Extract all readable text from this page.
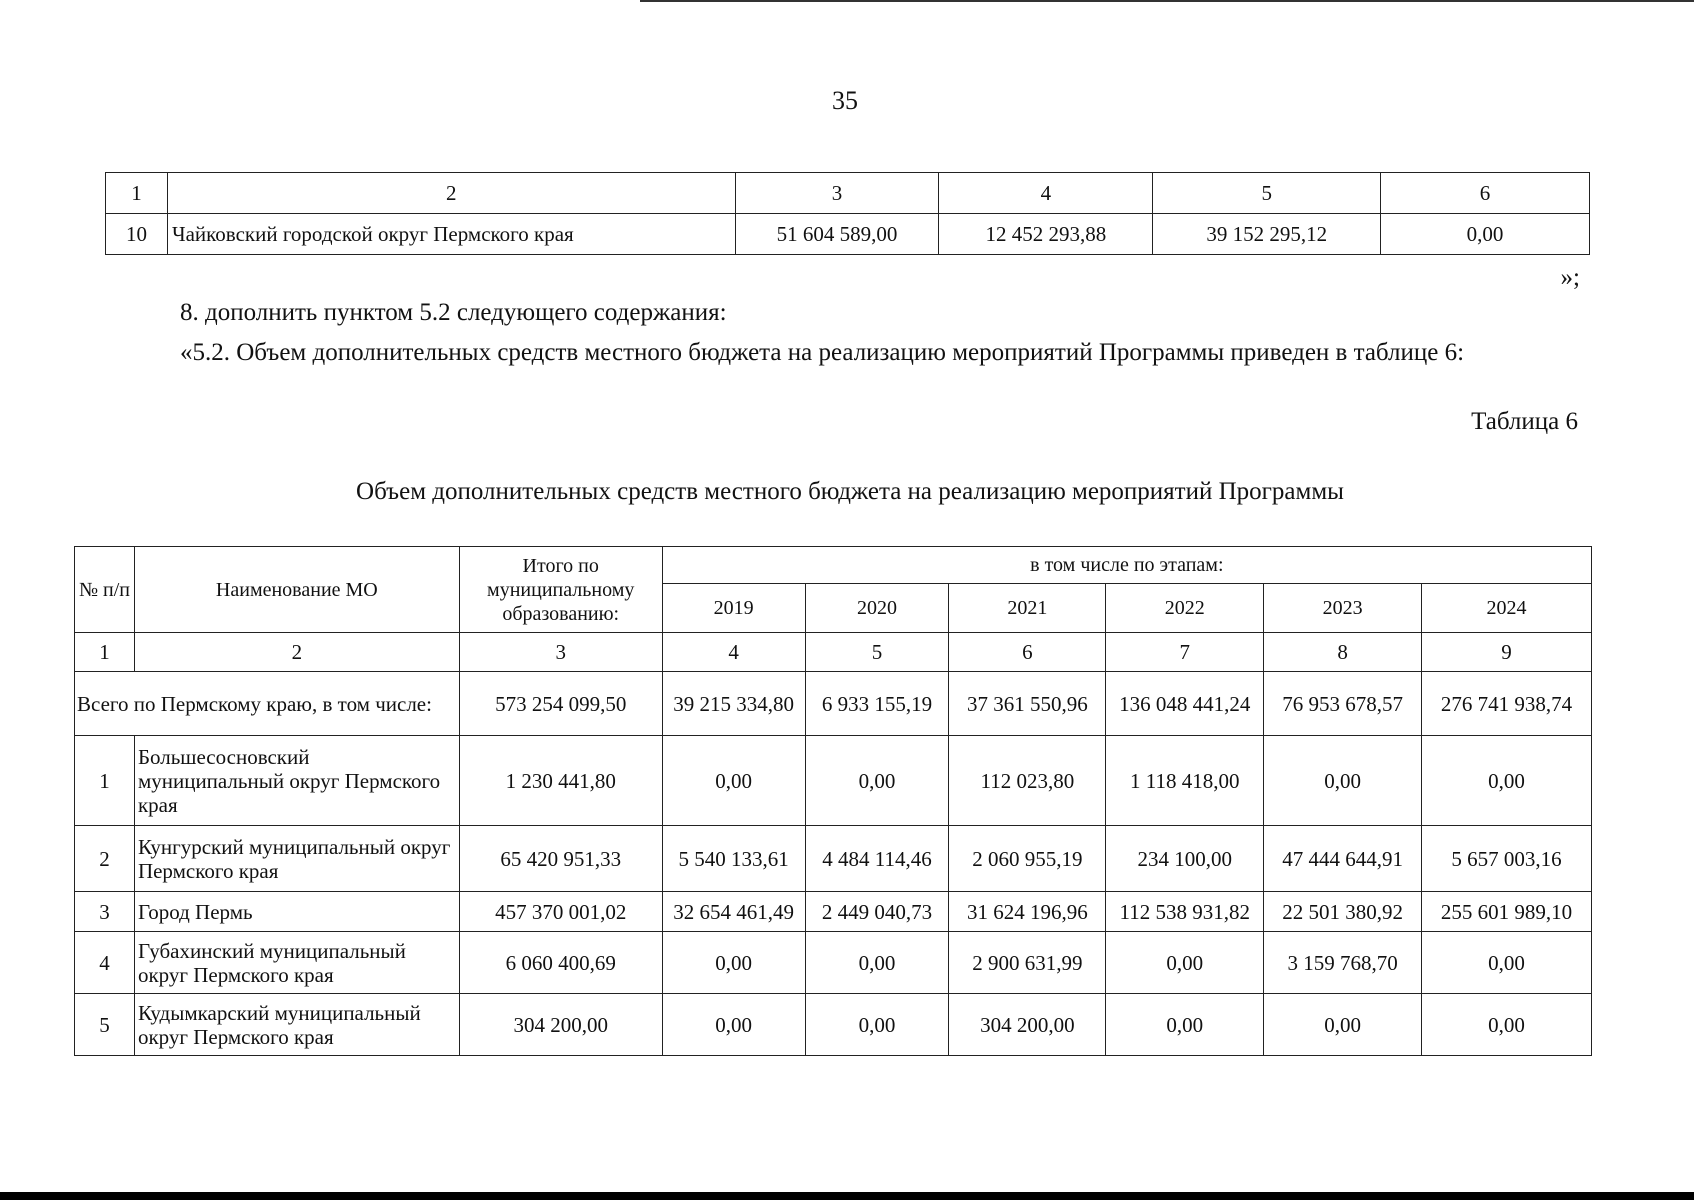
35
1	2	3	4	5	6
10	Чайковский городской округ Пермского края	51 604 589,00	12 452 293,88	39 152 295,12	0,00
»;
8. дополнить пунктом 5.2 следующего содержания:
«5.2. Объем дополнительных средств местного бюджета на реализацию мероприятий Программы приведен в таблице 6:
Таблица 6
Объем дополнительных средств местного бюджета на реализацию мероприятий Программы
№ п/п	Наименование МО	Итого по муниципальному образованию:	в том числе по этапам:					
			2019	2020	2021	2022	2023	2024
1	2	3	4	5	6	7	8	9
Всего по Пермскому краю, в том числе:		573 254 099,50	39 215 334,80	6 933 155,19	37 361 550,96	136 048 441,24	76 953 678,57	276 741 938,74
1	Большесосновский муниципальный округ Пермского края	1 230 441,80	0,00	0,00	112 023,80	1 118 418,00	0,00	0,00
2	Кунгурский муниципальный округ Пермского края	65 420 951,33	5 540 133,61	4 484 114,46	2 060 955,19	234 100,00	47 444 644,91	5 657 003,16
3	Город Пермь	457 370 001,02	32 654 461,49	2 449 040,73	31 624 196,96	112 538 931,82	22 501 380,92	255 601 989,10
4	Губахинский муниципальный округ Пермского края	6 060 400,69	0,00	0,00	2 900 631,99	0,00	3 159 768,70	0,00
5	Кудымкарский муниципальный округ Пермского края	304 200,00	0,00	0,00	304 200,00	0,00	0,00	0,00
